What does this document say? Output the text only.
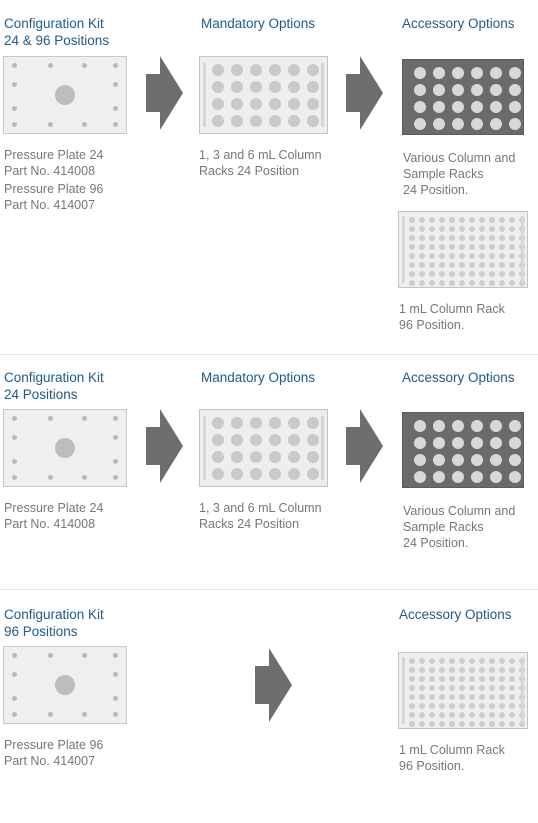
Configuration Kit
24 & 96 Positions
Mandatory Options	Accessory Options
Pressure Plate 24
Part No. 414008
Pressure Plate 96
Part No. 414007
1, 3 and 6 mL Column
Racks 24 Position
Various Column and
Sample Racks
24 Position.
1 mL Column Rack
96 Position.
Configuration Kit
24 Positions
Mandatory Options	Accessory Options
Pressure Plate 24
Part No. 414008
1, 3 and 6 mL Column
Racks 24 Position
Various Column and
Sample Racks
24 Position.
Configuration Kit
96 Positions
Accessory Options
Pressure Plate 96
Part No. 414007
1 mL Column Rack
96 Position.
